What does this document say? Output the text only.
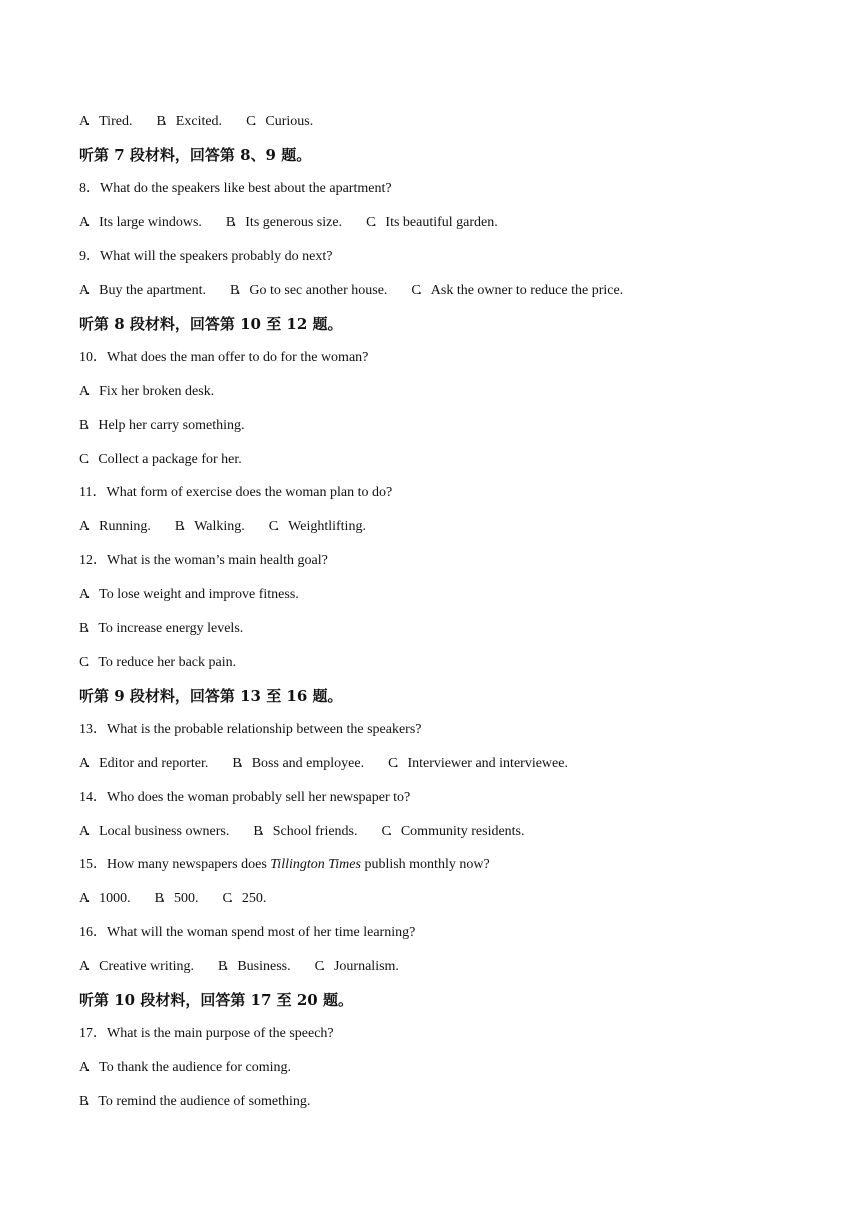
A ． Tired. B ． Excited. C ． Curious.
听第 7 段材料，回答第 8、9 题。
8．What do the speakers like best about the apartment?
A ． Its large windows. B ． Its generous size. C ． Its beautiful garden.
9．What will the speakers probably do next?
A ． Buy the apartment. B ． Go to sec another house. C ． Ask the owner to reduce the price.
听第 8 段材料，回答第 10 至 12 题。
10．What does the man offer to do for the woman?
A ． Fix her broken desk.
B ． Help her carry something.
C ． Collect a package for her.
11．What form of exercise does the woman plan to do?
A ． Running. B ． Walking. C ． Weightlifting.
12．What is the woman’s main health goal?
A ． To lose weight and improve fitness.
B ． To increase energy levels.
C ． To reduce her back pain.
听第 9 段材料，回答第 13 至 16 题。
13．What is the probable relationship between the speakers?
A ． Editor and reporter. B ． Boss and employee. C ． Interviewer and interviewee.
14．Who does the woman probably sell her newspaper to?
A ． Local business owners. B ． School friends. C ． Community residents.
15．How many newspapers does Tillington Times publish monthly now?
A ． 1000. B ． 500. C ． 250.
16．What will the woman spend most of her time learning?
A ． Creative writing. B ． Business. C ． Journalism.
听第 10 段材料，回答第 17 至 20 题。
17．What is the main purpose of the speech?
A ． To thank the audience for coming.
B ． To remind the audience of something.
